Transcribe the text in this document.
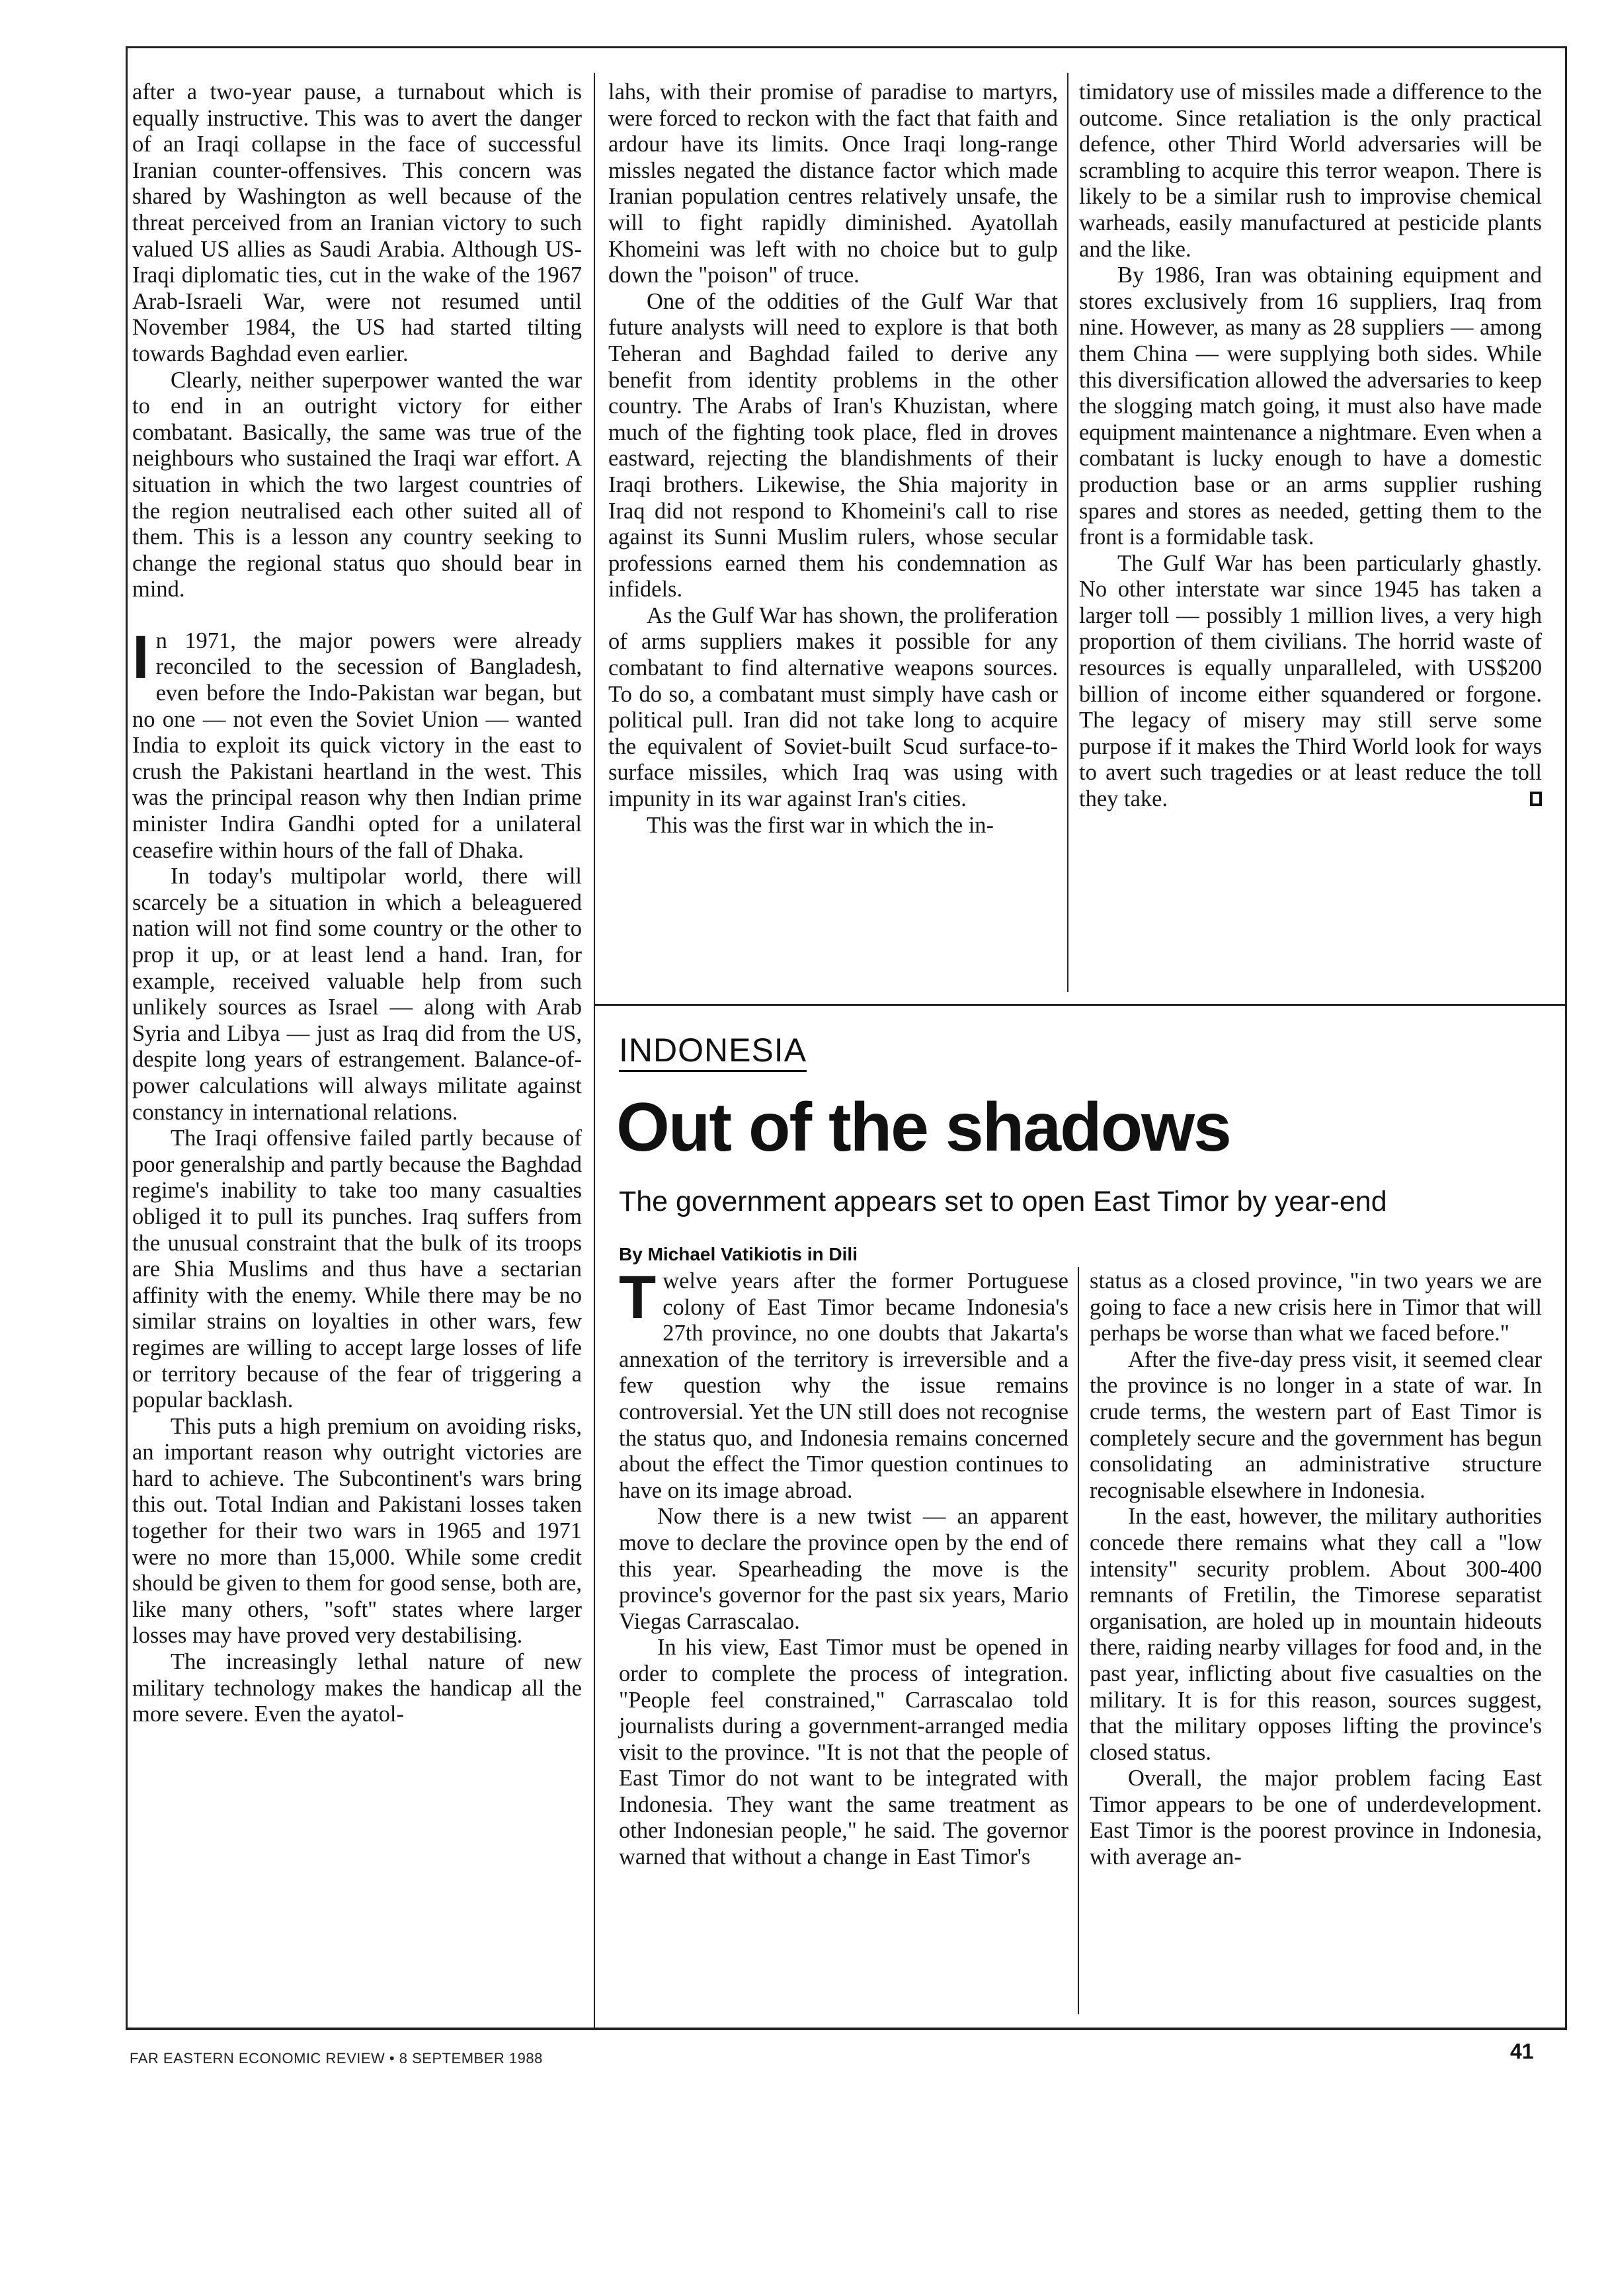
after a two-year pause, a turnabout which is equally instructive. This was to avert the danger of an Iraqi collapse in the face of successful Iranian counter-offensives. This concern was shared by Washington as well because of the threat perceived from an Iranian victory to such valued US allies as Saudi Arabia. Although US-Iraqi diplomatic ties, cut in the wake of the 1967 Arab-Israeli War, were not resumed until November 1984, the US had started tilting towards Baghdad even earlier.

Clearly, neither superpower wanted the war to end in an outright victory for either combatant. Basically, the same was true of the neighbours who sustained the Iraqi war effort. A situation in which the two largest countries of the region neutralised each other suited all of them. This is a lesson any country seeking to change the regional status quo should bear in mind.

In 1971, the major powers were already reconciled to the secession of Bangladesh, even before the Indo-Pakistan war began, but no one — not even the Soviet Union — wanted India to exploit its quick victory in the east to crush the Pakistani heartland in the west. This was the principal reason why then Indian prime minister Indira Gandhi opted for a unilateral ceasefire within hours of the fall of Dhaka.

In today's multipolar world, there will scarcely be a situation in which a beleaguered nation will not find some country or the other to prop it up, or at least lend a hand. Iran, for example, received valuable help from such unlikely sources as Israel — along with Arab Syria and Libya — just as Iraq did from the US, despite long years of estrangement. Balance-of-power calculations will always militate against constancy in international relations.

The Iraqi offensive failed partly because of poor generalship and partly because the Baghdad regime's inability to take too many casualties obliged it to pull its punches. Iraq suffers from the unusual constraint that the bulk of its troops are Shia Muslims and thus have a sectarian affinity with the enemy. While there may be no similar strains on loyalties in other wars, few regimes are willing to accept large losses of life or territory because of the fear of triggering a popular backlash.

This puts a high premium on avoiding risks, an important reason why outright victories are hard to achieve. The Subcontinent's wars bring this out. Total Indian and Pakistani losses taken together for their two wars in 1965 and 1971 were no more than 15,000. While some credit should be given to them for good sense, both are, like many others, "soft" states where larger losses may have proved very destabilising.

The increasingly lethal nature of new military technology makes the handicap all the more severe. Even the ayatol-

lahs, with their promise of paradise to martyrs, were forced to reckon with the fact that faith and ardour have its limits. Once Iraqi long-range missles negated the distance factor which made Iranian population centres relatively unsafe, the will to fight rapidly diminished. Ayatollah Khomeini was left with no choice but to gulp down the "poison" of truce.

One of the oddities of the Gulf War that future analysts will need to explore is that both Teheran and Baghdad failed to derive any benefit from identity problems in the other country. The Arabs of Iran's Khuzistan, where much of the fighting took place, fled in droves eastward, rejecting the blandishments of their Iraqi brothers. Likewise, the Shia majority in Iraq did not respond to Khomeini's call to rise against its Sunni Muslim rulers, whose secular professions earned them his condemnation as infidels.

As the Gulf War has shown, the proliferation of arms suppliers makes it possible for any combatant to find alternative weapons sources. To do so, a combatant must simply have cash or political pull. Iran did not take long to acquire the equivalent of Soviet-built Scud surface-to-surface missiles, which Iraq was using with impunity in its war against Iran's cities.

This was the first war in which the in-

timidatory use of missiles made a difference to the outcome. Since retaliation is the only practical defence, other Third World adversaries will be scrambling to acquire this terror weapon. There is likely to be a similar rush to improvise chemical warheads, easily manufactured at pesticide plants and the like.

By 1986, Iran was obtaining equipment and stores exclusively from 16 suppliers, Iraq from nine. However, as many as 28 suppliers — among them China — were supplying both sides. While this diversification allowed the adversaries to keep the slogging match going, it must also have made equipment maintenance a nightmare. Even when a combatant is lucky enough to have a domestic production base or an arms supplier rushing spares and stores as needed, getting them to the front is a formidable task.

The Gulf War has been particularly ghastly. No other interstate war since 1945 has taken a larger toll — possibly 1 million lives, a very high proportion of them civilians. The horrid waste of resources is equally unparalleled, with US$200 billion of income either squandered or forgone. The legacy of misery may still serve some purpose if it makes the Third World look for ways to avert such tragedies or at least reduce the toll they take.

INDONESIA
Out of the shadows
The government appears set to open East Timor by year-end
By Michael Vatikiotis in Dili

Twelve years after the former Portuguese colony of East Timor became Indonesia's 27th province, no one doubts that Jakarta's annexation of the territory is irreversible and a few question why the issue remains controversial. Yet the UN still does not recognise the status quo, and Indonesia remains concerned about the effect the Timor question continues to have on its image abroad.

Now there is a new twist — an apparent move to declare the province open by the end of this year. Spearheading the move is the province's governor for the past six years, Mario Viegas Carrascalao.

In his view, East Timor must be opened in order to complete the process of integration. "People feel constrained," Carrascalao told journalists during a government-arranged media visit to the province. "It is not that the people of East Timor do not want to be integrated with Indonesia. They want the same treatment as other Indonesian people," he said. The governor warned that without a change in East Timor's

status as a closed province, "in two years we are going to face a new crisis here in Timor that will perhaps be worse than what we faced before."

After the five-day press visit, it seemed clear the province is no longer in a state of war. In crude terms, the western part of East Timor is completely secure and the government has begun consolidating an administrative structure recognisable elsewhere in Indonesia.

In the east, however, the military authorities concede there remains what they call a "low intensity" security problem. About 300-400 remnants of Fretilin, the Timorese separatist organisation, are holed up in mountain hideouts there, raiding nearby villages for food and, in the past year, inflicting about five casualties on the military. It is for this reason, sources suggest, that the military opposes lifting the province's closed status.

Overall, the major problem facing East Timor appears to be one of underdevelopment. East Timor is the poorest province in Indonesia, with average an-

FAR EASTERN ECONOMIC REVIEW • 8 SEPTEMBER 1988	41
